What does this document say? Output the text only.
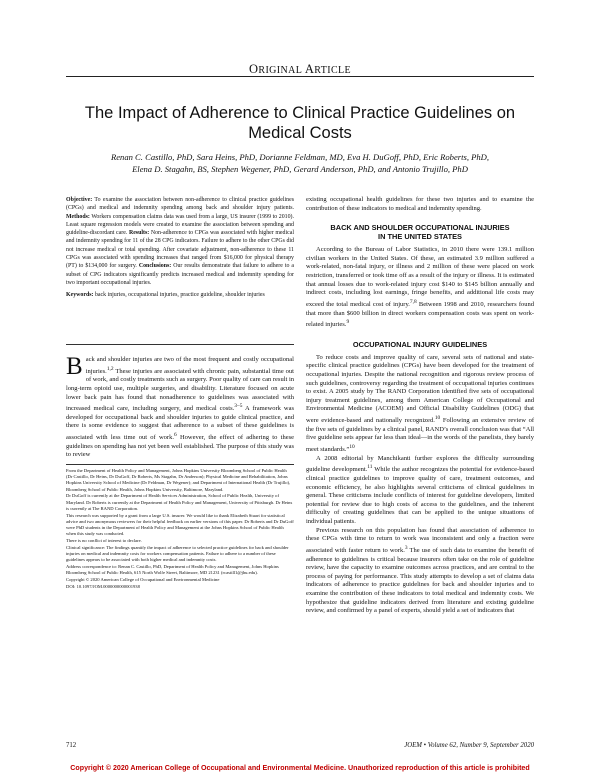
ORIGINAL ARTICLE
The Impact of Adherence to Clinical Practice Guidelines on
Medical Costs
Renan C. Castillo, PhD, Sara Heins, PhD, Dorianne Feldman, MD, Eva H. DuGoff, PhD, Eric Roberts, PhD,
Elena D. Stagahn, BS, Stephen Wegener, PhD, Gerard Anderson, PhD, and Antonio Trujillo, PhD

Objective: To examine the association between non-adherence to clinical practice guidelines (CPGs) and medical and indemnity spending among back and shoulder injury patients. Methods: Workers compensation claims data was used from a large, US insurer (1999 to 2010). Least square regression models were created to examine the association between spending and guideline-discordant care. Results: Non-adherence to CPGs was associated with higher medical and indemnity spending for 11 of the 28 CPG indicators. Failure to adhere to the other CPGs did not increase medical or total spending. After covariate adjustment, non-adherence to these 11 CPGs was associated with spending increases that ranged from $16,000 for physical therapy (PT) to $134,000 for surgery. Conclusions: Our results demonstrate that failure to adhere to a subset of CPG indicators significantly predicts increased medical and indemnity spending for two important occupational injuries.

Keywords: back injuries, occupational injuries, practice guideline, shoulder injuries

Back and shoulder injuries are two of the most frequent and costly occupational injuries.$^{1,2}$ These injuries are associated with chronic pain, substantial time out of work, and costly treatments such as surgery. Poor quality of care can result in long-term opioid use, multiple surgeries, and disability. Literature focused on acute lower back pain has found that nonadherence to guidelines was associated with increased medical care, including surgery, and medical costs.$^{3-5}$ A framework was developed for occupational back and shoulder injuries to guide clinical practice, and there is some evidence to suggest that adherence to a subset of these guidelines is associated with less time out of work.$^6$ However, the effect of adhering to these guidelines on spending has not yet been well established. The purpose of this study was to review

From the Department of Health Policy and Management, Johns Hopkins University Bloomberg School of Public Health (Dr Castillo, Dr Heins, Dr DuGoff, Dr Roberts, Ms Stagahn, Dr Anderson); Physical Medicine and Rehabilitation, Johns Hopkins University School of Medicine (Dr Feldman, Dr Wegener); and Department of International Health (Dr Trujillo), Bloomberg School of Public Health, Johns Hopkins University, Baltimore, Maryland.

Dr DuGoff is currently at the Department of Health Services Administration, School of Public Health, University of Maryland. Dr Roberts is currently at the Department of Health Policy and Management, University of Pittsburgh. Dr Heins is currently at The RAND Corporation.

This research was supported by a grant from a large U.S. insurer. We would like to thank Elizabeth Stuart for statistical advice and two anonymous reviewers for their helpful feedback on earlier versions of this paper. Dr Roberts and Dr DuGoff were PhD students in the Department of Health Policy and Management at the Johns Hopkins School of Public Health when this study was conducted.

There is no conflict of interest to declare.

Clinical significance: The findings quantify the impact of adherence to selected practice guidelines for back and shoulder injuries on medical and indemnity costs for workers compensation patients. Failure to adhere to a number of these guidelines appears to be associated with both higher medical and indemnity costs.

Address correspondence to: Renan C. Castillo, PhD, Department of Health Policy and Management, Johns Hopkins Bloomberg School of Public Health, 615 North Wolfe Street, Baltimore, MD 21231 (rcastill1@jhu.edu).

Copyright © 2020 American College of Occupational and Environmental Medicine

DOI: 10.1097/JOM.0000000000001938

existing occupational health guidelines for these two injuries and to examine the contribution of these indicators to medical and indemnity spending.

BACK AND SHOULDER OCCUPATIONAL INJURIES
IN THE UNITED STATES

According to the Bureau of Labor Statistics, in 2010 there were 139.1 million civilian workers in the United States. Of these, an estimated 3.9 million suffered a work-related, non-fatal injury, or illness and 2 million of these were placed on work restriction, transferred or took time off as a result of the injury or illness. It is estimated that annual losses due to work-related injury cost $140 to $145 billion annually and indirect costs, including lost earnings, fringe benefits, and additional life costs may exceed the total medical cost of injury.$^{7,8}$ Between 1998 and 2010, researchers found that more than $600 billion in direct workers compensation costs was spent on work-related injuries.$^9$

OCCUPATIONAL INJURY GUIDELINES

To reduce costs and improve quality of care, several sets of national and state-specific clinical practice guidelines (CPGs) have been developed for the treatment of occupational injuries. Despite the national recognition and rigorous review process of such guidelines, controversy regarding the treatment of occupational injuries continues to exist. A 2005 study by The RAND Corporation identified five sets of occupational injury treatment guidelines, among them American College of Occupational and Environmental Medicine (ACOEM) and Official Disability Guidelines (ODG) that were evidence-based and nationally recognized.$^{10}$ Following an extensive review of the five sets of guidelines by a clinical panel, RAND’s overall conclusion was that “All five guideline sets appear far less than ideal—in the words of the panelists, they barely meet standards.”$^{10}$

A 2008 editorial by Manchikanti further explores the difficulty surrounding guideline development.$^{11}$ While the author recognizes the potential for evidence-based clinical practice guidelines to improve quality of care, treatment outcomes, and economic efficiency, he also highlights several criticisms of clinical guidelines in general. These criticisms include conflicts of interest for guideline developers, limited potential for review due to high costs of access to the guidelines, and the inherent difficulty of creating guidelines that can be applied to the unique situations of individual patients.

Previous research on this population has found that association of adherence to these CPGs with time to return to work was inconsistent and only a fraction were associated with faster return to work.$^3$ The use of such data to examine the benefit of adherence to guidelines is critical because insurers often take on the role of guideline review, have the capacity to examine outcomes across practices, and are central to the process of paying for performance. This study attempts to develop a set of claims data indicators of adherence to practice guidelines for back and shoulder injuries and to examine the contribution of these indicators to total medical and indemnity costs. We hypothesize that guideline indicators derived from literature and existing guideline review, and confirmed by a panel of experts, should yield a set of indicators that

712	JOEM • Volume 62, Number 9, September 2020
Copyright © 2020 American College of Occupational and Environmental Medicine. Unauthorized reproduction of this article is prohibited
